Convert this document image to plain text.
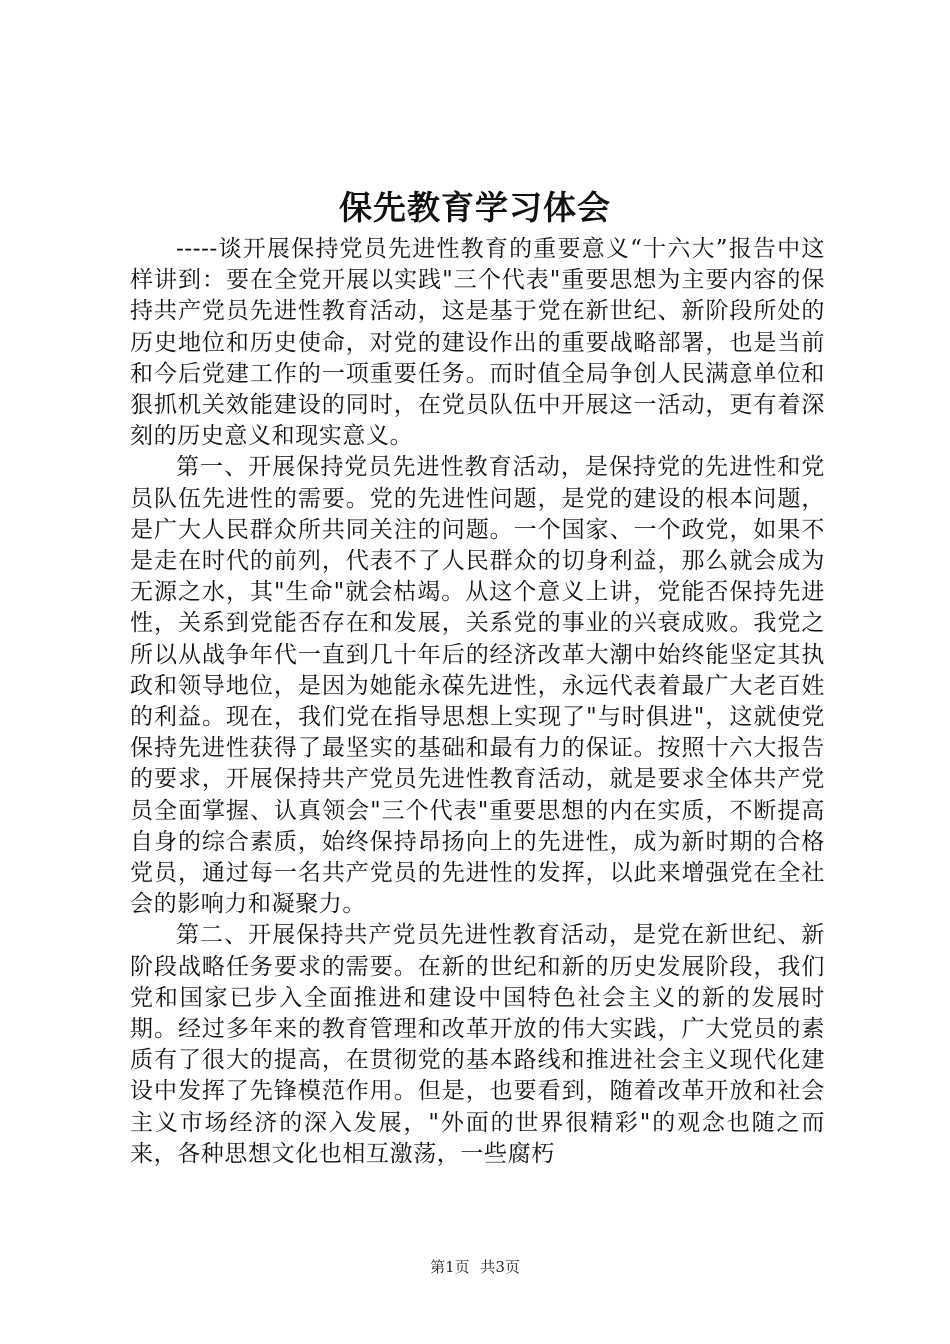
保先教育学习体会

-----谈开展保持党员先进性教育的重要意义“十六大”报告中这样讲到：要在全党开展以实践"三个代表"重要思想为主要内容的保持共产党员先进性教育活动，这是基于党在新世纪、新阶段所处的历史地位和历史使命，对党的建设作出的重要战略部署，也是当前和今后党建工作的一项重要任务。而时值全局争创人民满意单位和狠抓机关效能建设的同时，在党员队伍中开展这一活动，更有着深刻的历史意义和现实意义。

第一、开展保持党员先进性教育活动，是保持党的先进性和党员队伍先进性的需要。党的先进性问题，是党的建设的根本问题，是广大人民群众所共同关注的问题。一个国家、一个政党，如果不是走在时代的前列，代表不了人民群众的切身利益，那么就会成为无源之水，其"生命"就会枯竭。从这个意义上讲，党能否保持先进性，关系到党能否存在和发展，关系党的事业的兴衰成败。我党之所以从战争年代一直到几十年后的经济改革大潮中始终能坚定其执政和领导地位，是因为她能永葆先进性，永远代表着最广大老百姓的利益。现在，我们党在指导思想上实现了"与时俱进"，这就使党保持先进性获得了最坚实的基础和最有力的保证。按照十六大报告的要求，开展保持共产党员先进性教育活动，就是要求全体共产党员全面掌握、认真领会"三个代表"重要思想的内在实质，不断提高自身的综合素质，始终保持昂扬向上的先进性，成为新时期的合格党员，通过每一名共产党员的先进性的发挥，以此来增强党在全社会的影响力和凝聚力。

第二、开展保持共产党员先进性教育活动，是党在新世纪、新阶段战略任务要求的需要。在新的世纪和新的历史发展阶段，我们党和国家已步入全面推进和建设中国特色社会主义的新的发展时期。经过多年来的教育管理和改革开放的伟大实践，广大党员的素质有了很大的提高，在贯彻党的基本路线和推进社会主义现代化建设中发挥了先锋模范作用。但是，也要看到，随着改革开放和社会主义市场经济的深入发展，"外面的世界很精彩"的观念也随之而来，各种思想文化也相互激荡，一些腐朽

第1页 共3页
